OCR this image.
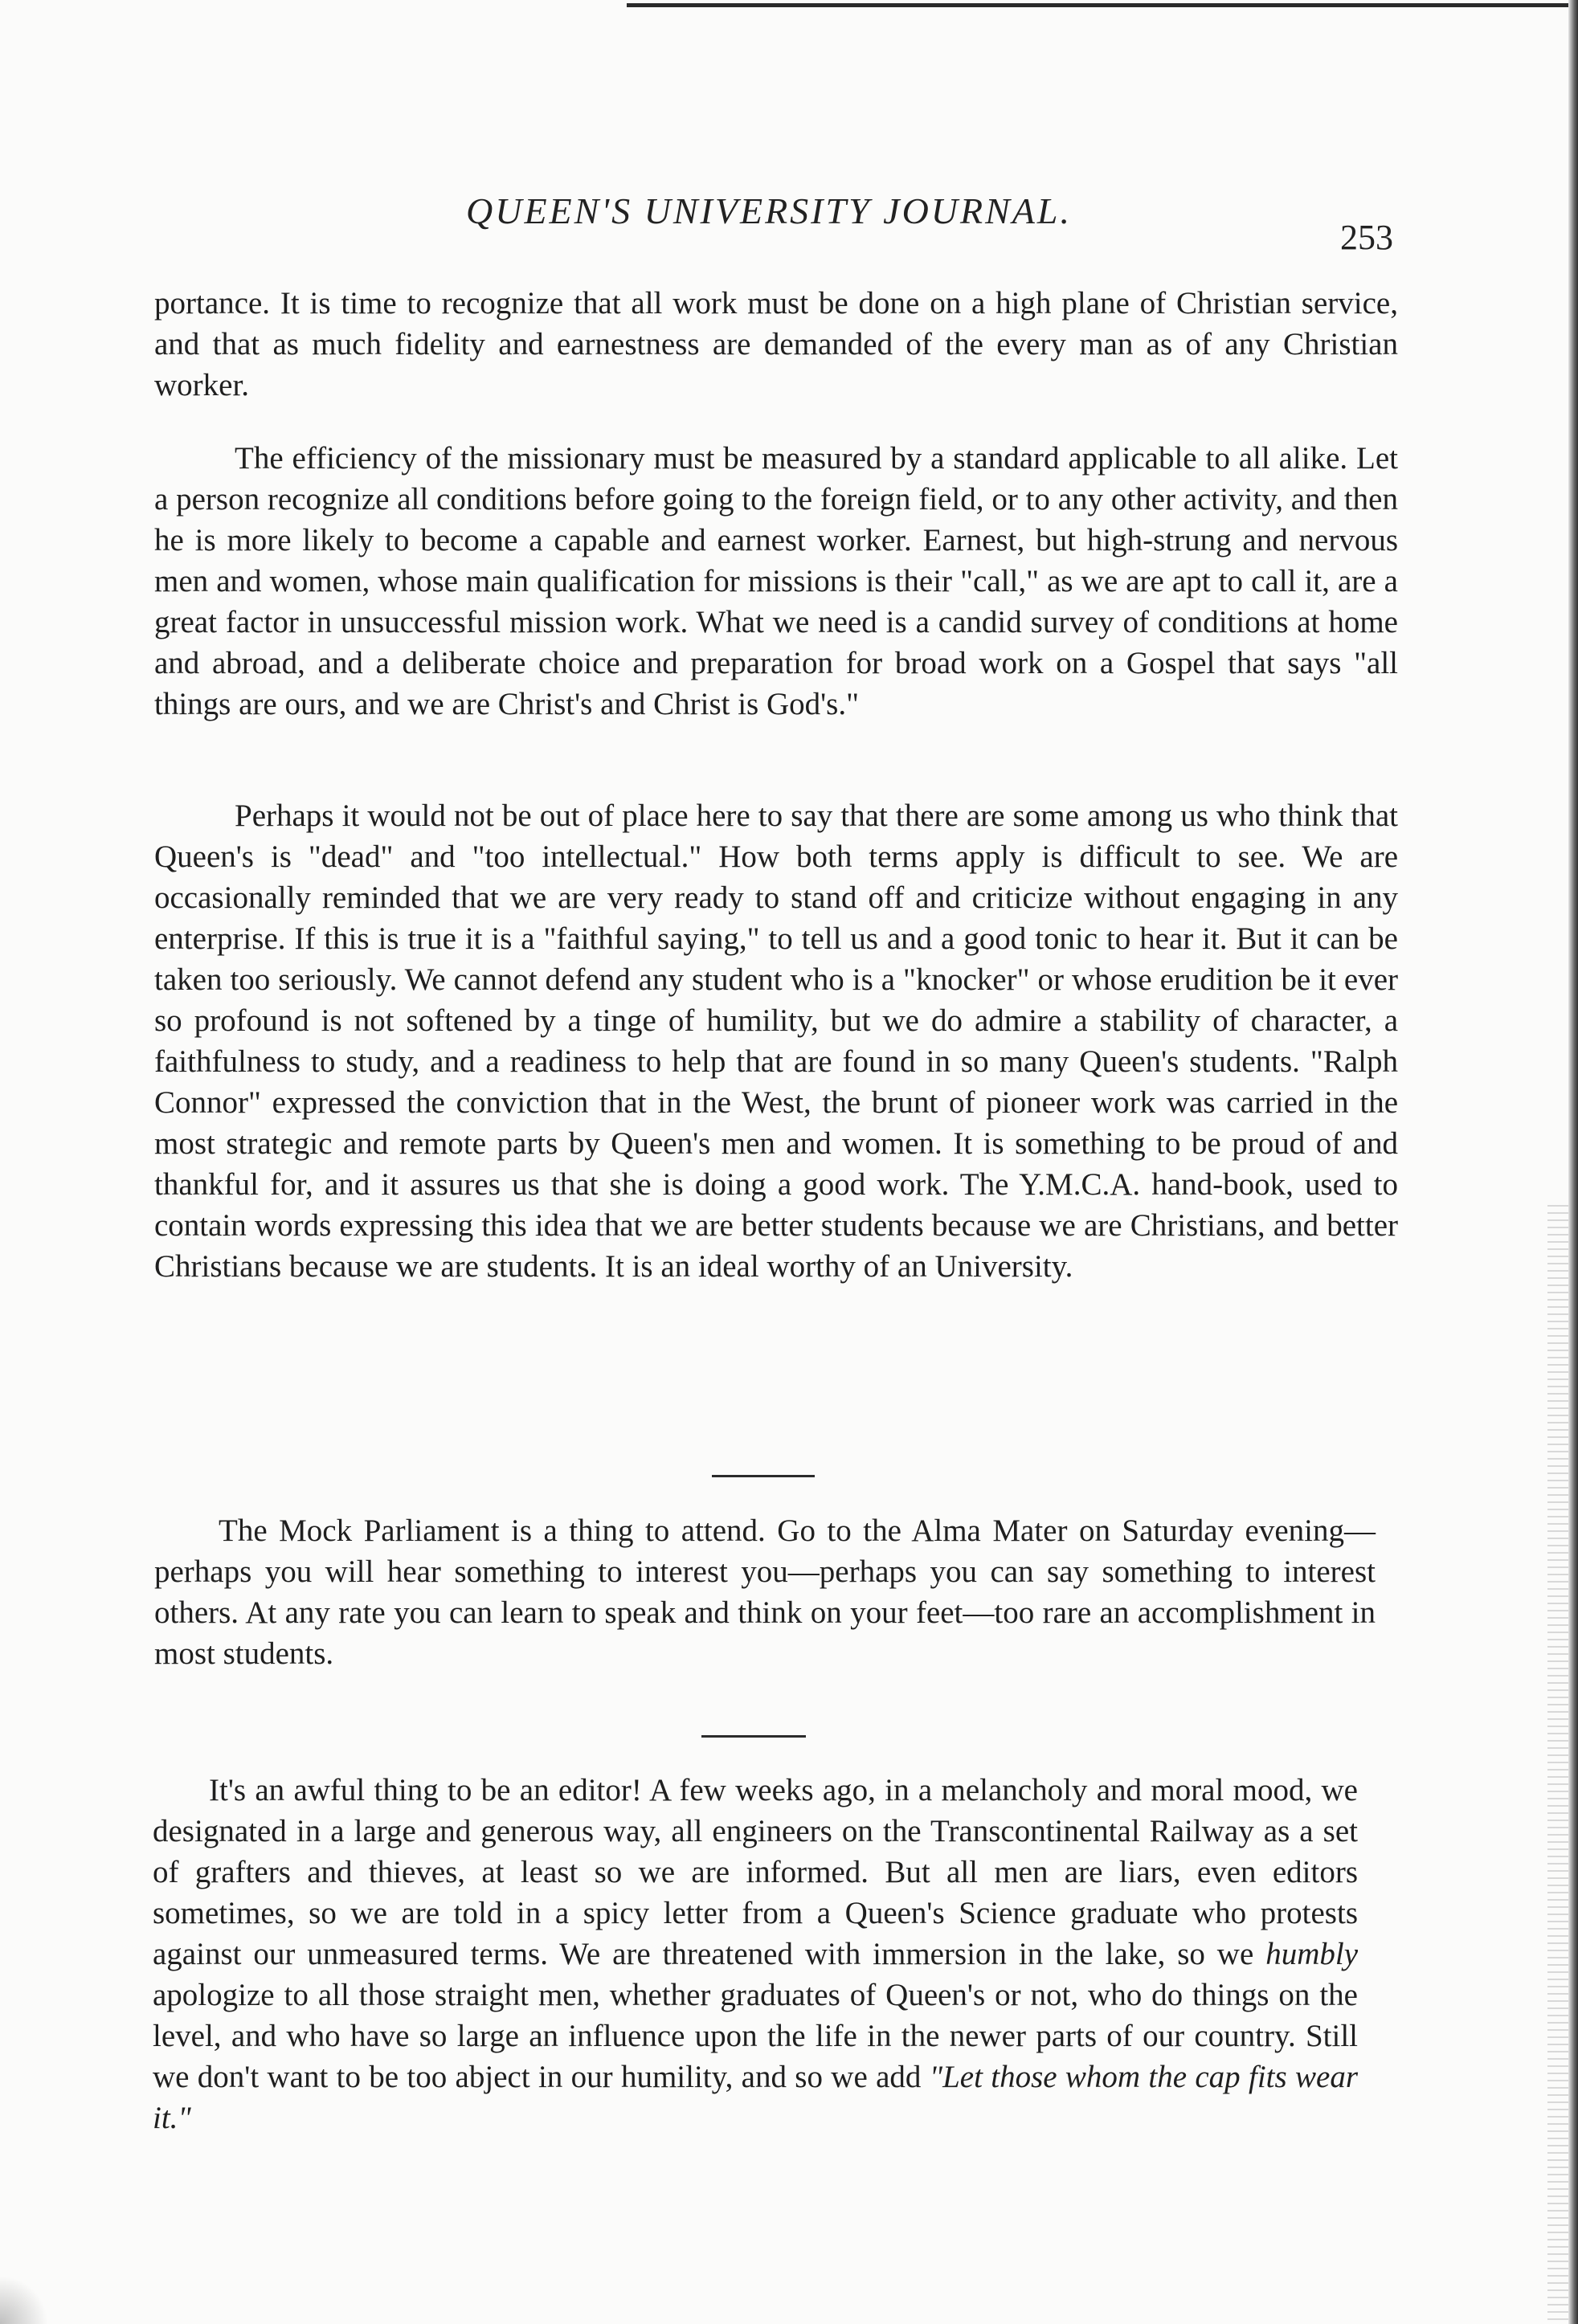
QUEEN'S UNIVERSITY JOURNAL.
253

portance. It is time to recognize that all work must be done on a high plane of Christian service, and that as much fidelity and earnestness are demanded of the every man as of any Christian worker.

The efficiency of the missionary must be measured by a standard applicable to all alike. Let a person recognize all conditions before going to the foreign field, or to any other activity, and then he is more likely to become a capable and earnest worker. Earnest, but high-strung and nervous men and women, whose main qualification for missions is their "call," as we are apt to call it, are a great factor in unsuccessful mission work. What we need is a candid survey of conditions at home and abroad, and a deliberate choice and preparation for broad work on a Gospel that says "all things are ours, and we are Christ's and Christ is God's."

Perhaps it would not be out of place here to say that there are some among us who think that Queen's is "dead" and "too intellectual." How both terms apply is difficult to see. We are occasionally reminded that we are very ready to stand off and criticize without engaging in any enterprise. If this is true it is a "faithful saying," to tell us and a good tonic to hear it. But it can be taken too seriously. We cannot defend any student who is a "knocker" or whose erudition be it ever so profound is not softened by a tinge of humility, but we do admire a stability of character, a faithfulness to study, and a readiness to help that are found in so many Queen's students. "Ralph Connor" expressed the conviction that in the West, the brunt of pioneer work was carried in the most strategic and remote parts by Queen's men and women. It is something to be proud of and thankful for, and it assures us that she is doing a good work. The Y.M.C.A. hand-book, used to contain words expressing this idea that we are better students because we are Christians, and better Christians because we are students. It is an ideal worthy of an University.

The Mock Parliament is a thing to attend. Go to the Alma Mater on Saturday evening—perhaps you will hear something to interest you—perhaps you can say something to interest others. At any rate you can learn to speak and think on your feet—too rare an accomplishment in most students.

It's an awful thing to be an editor! A few weeks ago, in a melancholy and moral mood, we designated in a large and generous way, all engineers on the Transcontinental Railway as a set of grafters and thieves, at least so we are informed. But all men are liars, even editors sometimes, so we are told in a spicy letter from a Queen's Science graduate who protests against our unmeasured terms. We are threatened with immersion in the lake, so we humbly apologize to all those straight men, whether graduates of Queen's or not, who do things on the level, and who have so large an influence upon the life in the newer parts of our country. Still we don't want to be too abject in our humility, and so we add "Let those whom the cap fits wear it."
